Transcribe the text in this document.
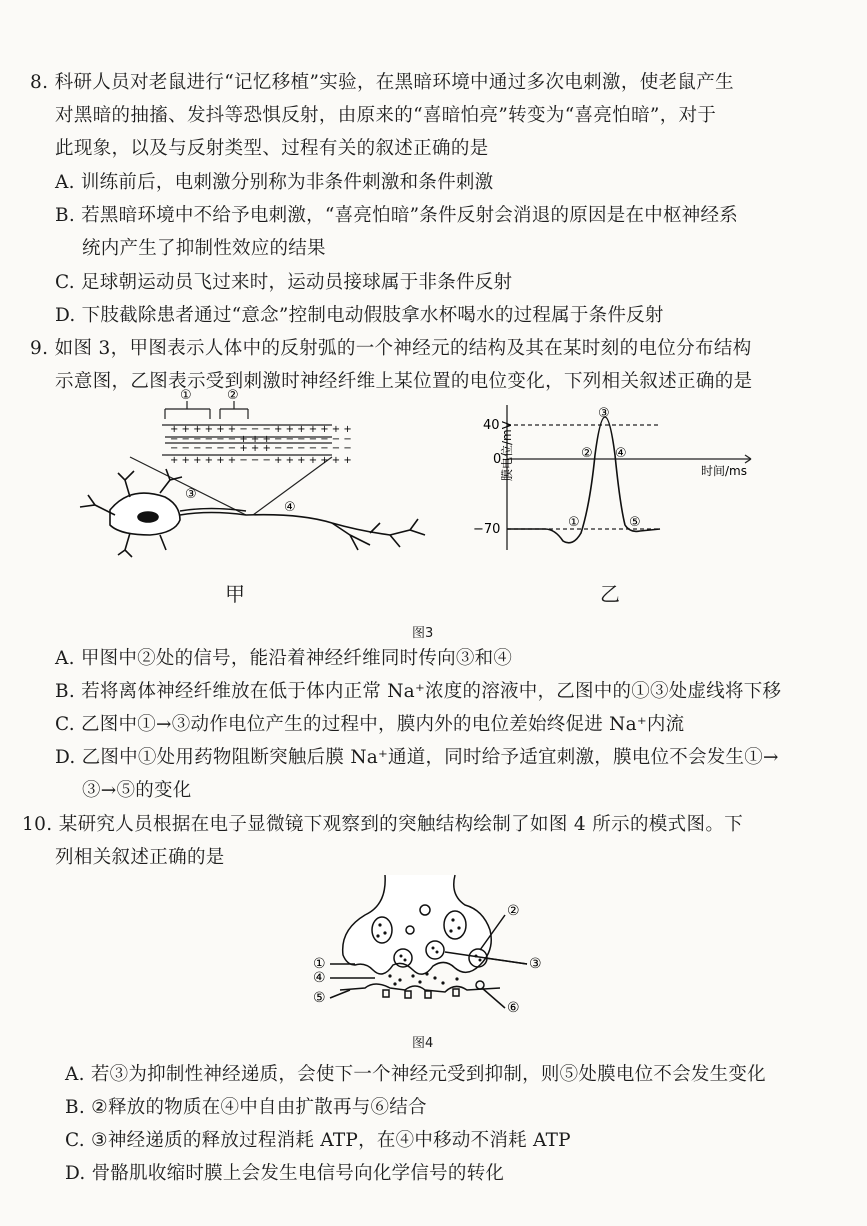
8. 科研人员对老鼠进行“记忆移植”实验，在黑暗环境中通过多次电刺激，使老鼠产生
对黑暗的抽搐、发抖等恐惧反射，由原来的“喜暗怕亮”转变为“喜亮怕暗”，对于
此现象，以及与反射类型、过程有关的叙述正确的是
A. 训练前后，电刺激分别称为非条件刺激和条件刺激
B. 若黑暗环境中不给予电刺激，“喜亮怕暗”条件反射会消退的原因是在中枢神经系
统内产生了抑制性效应的结果
C. 足球朝运动员飞过来时，运动员接球属于非条件反射
D. 下肢截除患者通过“意念”控制电动假肢拿水杯喝水的过程属于条件反射
9. 如图 3，甲图表示人体中的反射弧的一个神经元的结构及其在某时刻的电位分布结构
示意图，乙图表示受到刺激时神经纤维上某位置的电位变化，下列相关叙述正确的是
+ + + + + + − − − + + + + + + +
− − − − − − + + + − − − − − − −
− − − − − − + + + − − − − − − −
+ + + + + + − − − + + + + + + +
①	②
③
④
甲
40
0
−70
膜电位/mV	时间/ms
①
②
③
④
⑤
乙
图3
A. 甲图中②处的信号，能沿着神经纤维同时传向③和④
B. 若将离体神经纤维放在低于体内正常 Na⁺浓度的溶液中，乙图中的①③处虚线将下移
C. 乙图中①→③动作电位产生的过程中，膜内外的电位差始终促进 Na⁺内流
D. 乙图中①处用药物阻断突触后膜 Na⁺通道，同时给予适宜刺激，膜电位不会发生①→
③→⑤的变化
10. 某研究人员根据在电子显微镜下观察到的突触结构绘制了如图 4 所示的模式图。下
列相关叙述正确的是
①
②
③
④
⑤
⑥
图4
A. 若③为抑制性神经递质，会使下一个神经元受到抑制，则⑤处膜电位不会发生变化
B. ②释放的物质在④中自由扩散再与⑥结合
C. ③神经递质的释放过程消耗 ATP，在④中移动不消耗 ATP
D. 骨骼肌收缩时膜上会发生电信号向化学信号的转化
